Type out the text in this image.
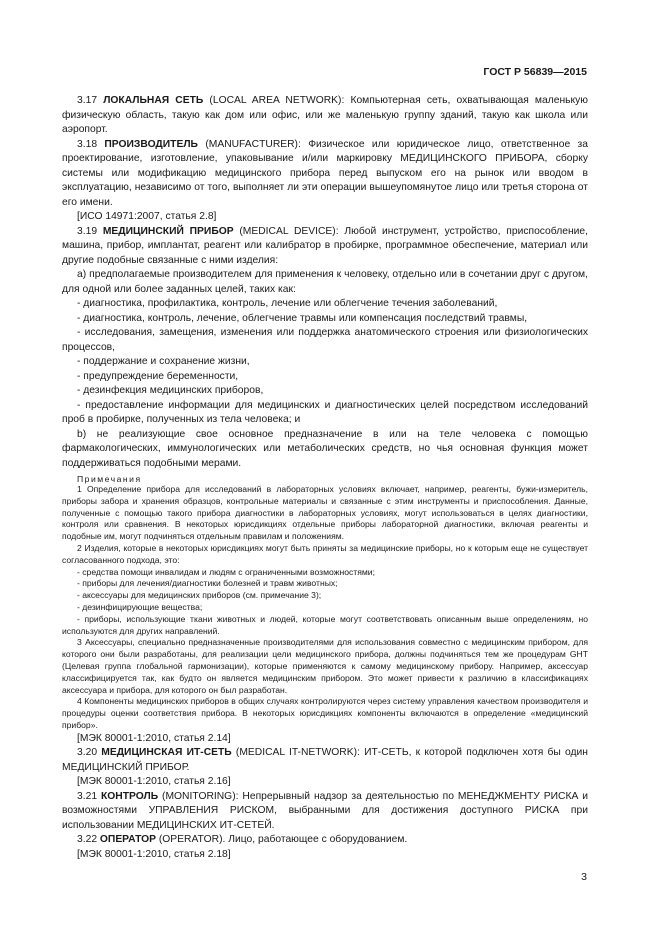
ГОСТ Р 56839—2015

3.17 ЛОКАЛЬНАЯ СЕТЬ (LOCAL AREA NETWORK): Компьютерная сеть, охватывающая маленькую физическую область, такую как дом или офис, или же маленькую группу зданий, такую как школа или аэропорт.

3.18 ПРОИЗВОДИТЕЛЬ (MANUFACTURER): Физическое или юридическое лицо, ответственное за проектирование, изготовление, упаковывание и/или маркировку МЕДИЦИНСКОГО ПРИБОРА, сборку системы или модификацию медицинского прибора перед выпуском его на рынок или вводом в эксплуатацию, независимо от того, выполняет ли эти операции вышеупомянутое лицо или третья сторона от его имени.

[ИСО 14971:2007, статья 2.8]

3.19 МЕДИЦИНСКИЙ ПРИБОР (MEDICAL DEVICE): Любой инструмент, устройство, приспособление, машина, прибор, имплантат, реагент или калибратор в пробирке, программное обеспечение, материал или другие подобные связанные с ними изделия:

а) предполагаемые производителем для применения к человеку, отдельно или в сочетании друг с другом, для одной или более заданных целей, таких как:

- диагностика, профилактика, контроль, лечение или облегчение течения заболеваний,

- диагностика, контроль, лечение, облегчение травмы или компенсация последствий травмы,

- исследования, замещения, изменения или поддержка анатомического строения или физиологических процессов,

- поддержание и сохранение жизни,

- предупреждение беременности,

- дезинфекция медицинских приборов,

- предоставление информации для медицинских и диагностических целей посредством исследований проб в пробирке, полученных из тела человека; и

b) не реализующие свое основное предназначение в или на теле человека с помощью фармакологических, иммунологических или метаболических средств, но чья основная функция может поддерживаться подобными мерами.

Примечания

1 Определение прибора для исследований в лабораторных условиях включает, например, реагенты, бужи-измеритель, приборы забора и хранения образцов, контрольные материалы и связанные с этим инструменты и приспособления. Данные, полученные с помощью такого прибора диагностики в лабораторных условиях, могут использоваться в целях диагностики, контроля или сравнения. В некоторых юрисдикциях отдельные приборы лабораторной диагностики, включая реагенты и подобные им, могут подчиняться отдельным правилам и положениям.

2 Изделия, которые в некоторых юрисдикциях могут быть приняты за медицинские приборы, но к которым еще не существует согласованного подхода, это:

- средства помощи инвалидам и людям с ограниченными возможностями;

- приборы для лечения/диагностики болезней и травм животных;

- аксессуары для медицинских приборов (см. примечание 3);

- дезинфицирующие вещества;

- приборы, использующие ткани животных и людей, которые могут соответствовать описанным выше определениям, но используются для других направлений.

3 Аксессуары, специально предназначенные производителями для использования совместно с медицинским прибором, для которого они были разработаны, для реализации цели медицинского прибора, должны подчиняться тем же процедурам GHT (Целевая группа глобальной гармонизации), которые применяются к самому медицинскому прибору. Например, аксессуар классифицируется так, как будто он является медицинским прибором. Это может привести к различию в классификациях аксессуара и прибора, для которого он был разработан.

4 Компоненты медицинских приборов в общих случаях контролируются через систему управления качеством производителя и процедуры оценки соответствия прибора. В некоторых юрисдикциях компоненты включаются в определение «медицинский прибор».

[МЭК 80001-1:2010, статья 2.14]

3.20 МЕДИЦИНСКАЯ ИТ-СЕТЬ (MEDICAL IT-NETWORK): ИТ-СЕТЬ, к которой подключен хотя бы один МЕДИЦИНСКИЙ ПРИБОР.

[МЭК 80001-1:2010, статья 2.16]

3.21 КОНТРОЛЬ (MONITORING): Непрерывный надзор за деятельностью по МЕНЕДЖМЕНТУ РИСКА и возможностями УПРАВЛЕНИЯ РИСКОМ, выбранными для достижения доступного РИСКА при использовании МЕДИЦИНСКИХ ИТ-СЕТЕЙ.

3.22 ОПЕРАТОР (OPERATOR). Лицо, работающее с оборудованием.

[МЭК 80001-1:2010, статья 2.18]

3
